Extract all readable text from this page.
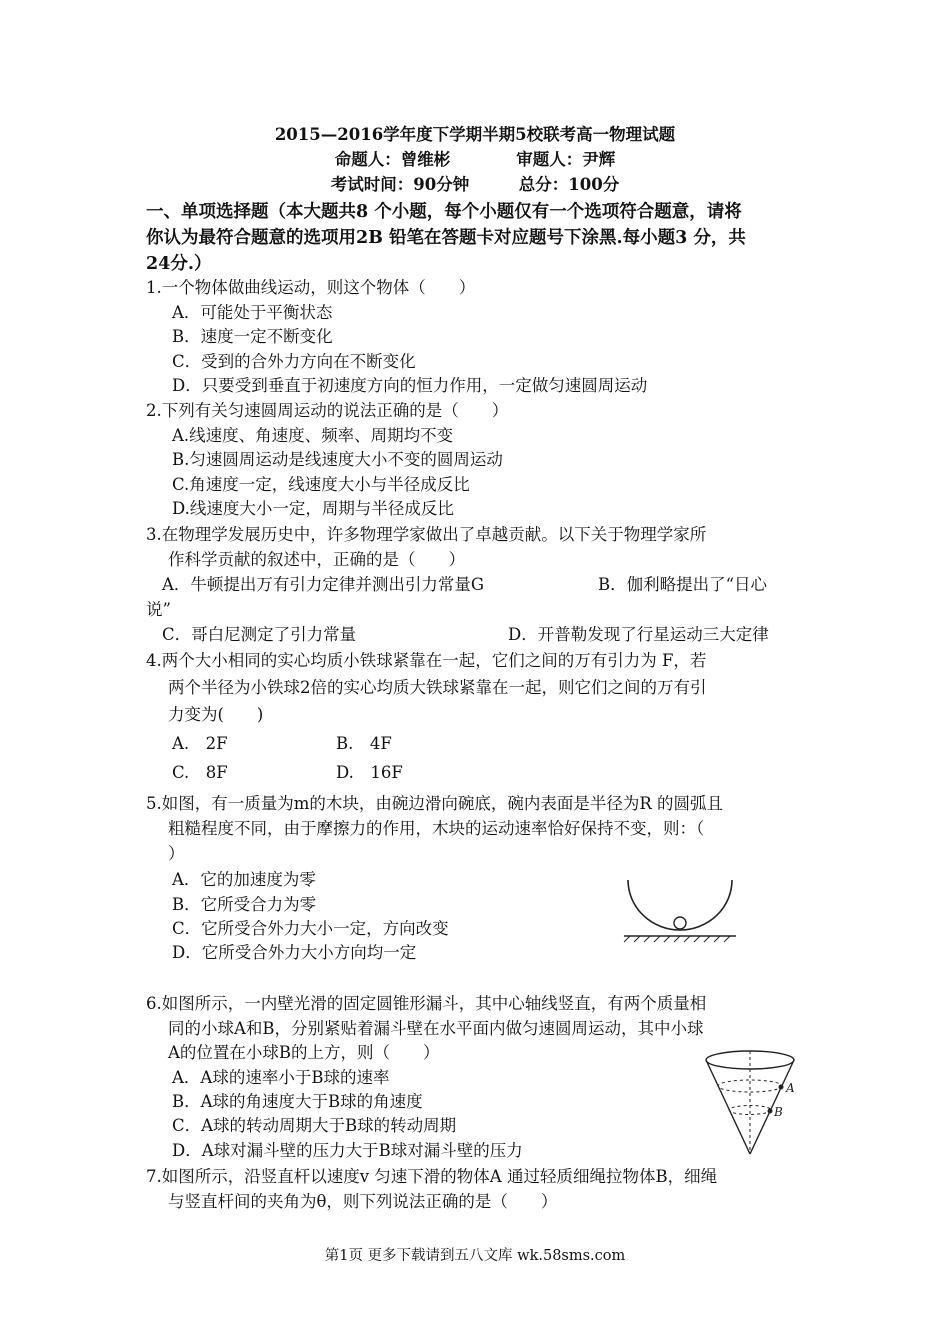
2015—2016学年度下学期半期5校联考高一物理试题
命题人：曾维彬　　　　审题人：尹辉
考试时间：90分钟　　　总分：100分
一、单项选择题（本大题共8 个小题，每个小题仅有一个选项符合题意，请将
你认为最符合题意的选项用2B 铅笔在答题卡对应题号下涂黑.每小题3 分，共
24分.）
1.一个物体做曲线运动，则这个物体（　　）
A．可能处于平衡状态
B．速度一定不断变化
C．受到的合外力方向在不断变化
D．只要受到垂直于初速度方向的恒力作用，一定做匀速圆周运动
2.下列有关匀速圆周运动的说法正确的是（　　）
A.线速度、角速度、频率、周期均不变
B.匀速圆周运动是线速度大小不变的圆周运动
C.角速度一定，线速度大小与半径成反比
D.线速度大小一定，周期与半径成反比
3.在物理学发展历史中，许多物理学家做出了卓越贡献。以下关于物理学家所
作科学贡献的叙述中，正确的是（　　）
A．牛顿提出万有引力定律并测出引力常量G	B．伽利略提出了“日心
说”
C．哥白尼测定了引力常量	D．开普勒发现了行星运动三大定律
4.两个大小相同的实心均质小铁球紧靠在一起，它们之间的万有引力为 F，若
两个半径为小铁球2倍的实心均质大铁球紧靠在一起，则它们之间的万有引
力变为(　　)
A.　2F	B.　4F
C.　8F	D.　16F
5.如图，有一质量为m的木块，由碗边滑向碗底，碗内表面是半径为R 的圆弧且
粗糙程度不同，由于摩擦力的作用，木块的运动速率恰好保持不变，则：（
）
A．它的加速度为零
B．它所受合力为零
C．它所受合外力大小一定，方向改变
D．它所受合外力大小方向均一定
6.如图所示，一内壁光滑的固定圆锥形漏斗，其中心轴线竖直，有两个质量相
同的小球A和B，分别紧贴着漏斗壁在水平面内做匀速圆周运动，其中小球
A的位置在小球B的上方，则（　　）
A．A球的速率小于B球的速率
B．A球的角速度大于B球的角速度
C．A球的转动周期大于B球的转动周期
D．A球对漏斗壁的压力大于B球对漏斗壁的压力
A
B
7.如图所示，沿竖直杆以速度v 匀速下滑的物体A 通过轻质细绳拉物体B，细绳
与竖直杆间的夹角为θ，则下列说法正确的是（　　）
第1页 更多下载请到五八文库 wk.58sms.com
